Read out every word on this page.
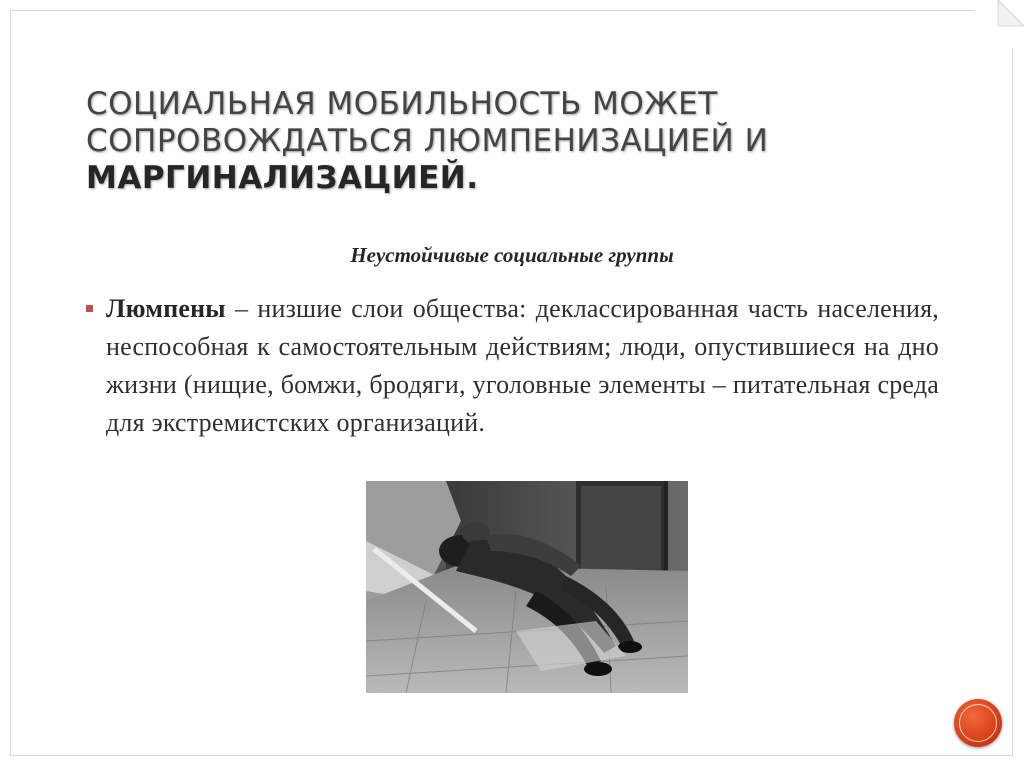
СОЦИАЛЬНАЯ МОБИЛЬНОСТЬ МОЖЕТ
СОПРОВОЖДАТЬСЯ ЛЮМПЕНИЗАЦИЕЙ И
МАРГИНАЛИЗАЦИЕЙ.

Неустойчивые социальные группы

Люмпены – низшие слои общества: деклассированная часть населения, неспособная к самостоятельным действиям; люди, опустившиеся на дно жизни (нищие, бомжи, бродяги, уголовные элементы – питательная среда для экстремистских организаций.
